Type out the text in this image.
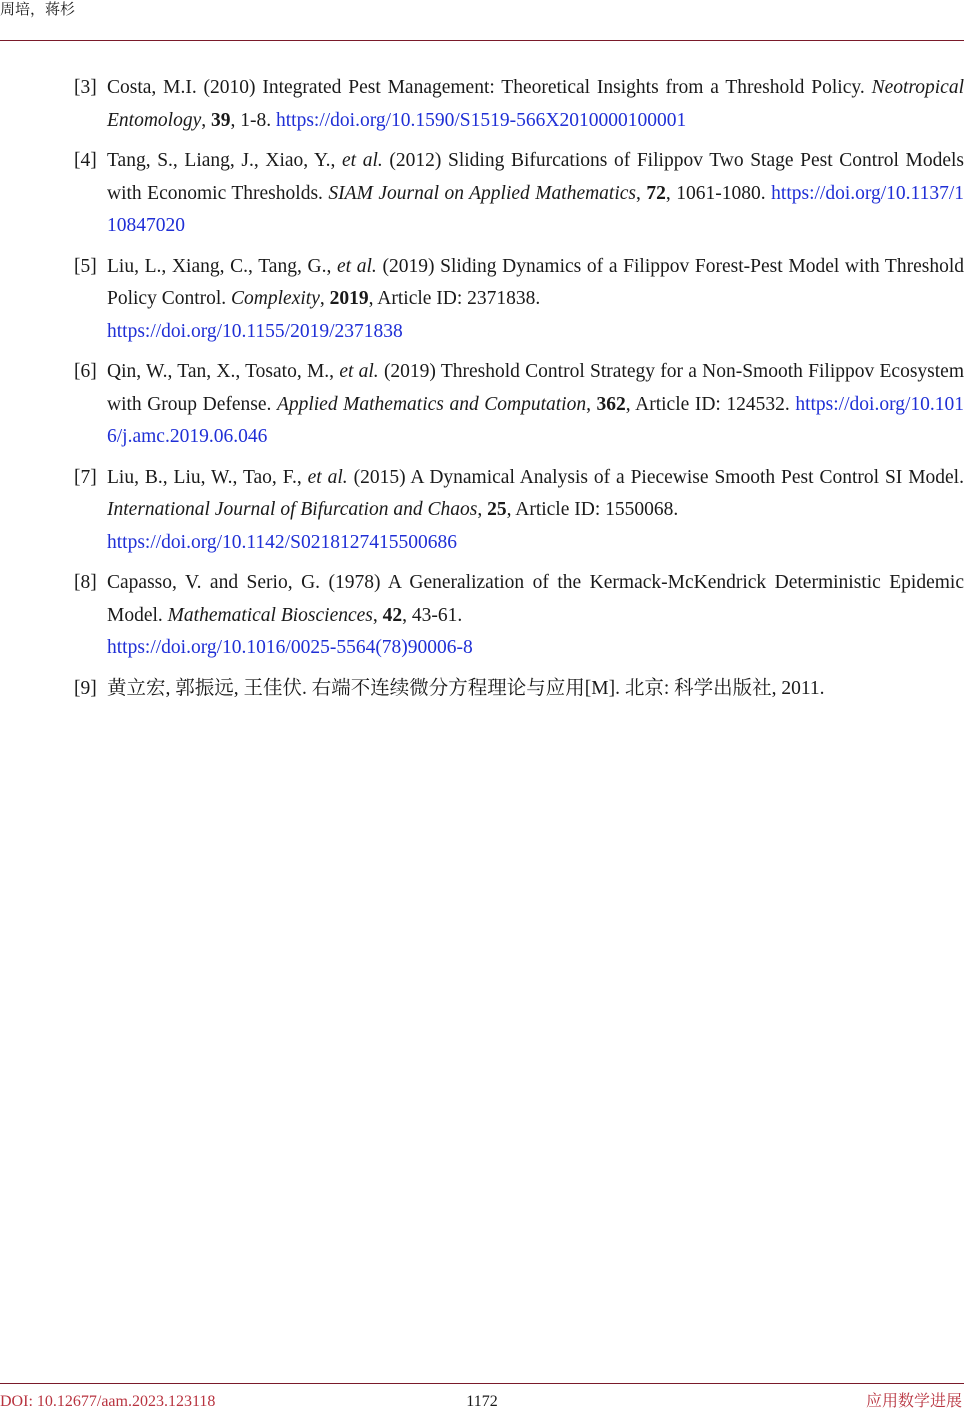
周培，蒋杉
[3] Costa, M.I. (2010) Integrated Pest Management: Theoretical Insights from a Threshold Policy. Neotropical Entomology, 39, 1-8. https://doi.org/10.1590/S1519-566X2010000100001
[4] Tang, S., Liang, J., Xiao, Y., et al. (2012) Sliding Bifurcations of Filippov Two Stage Pest Control Models with Economic Thresholds. SIAM Journal on Applied Mathematics, 72, 1061-1080. https://doi.org/10.1137/110847020
[5] Liu, L., Xiang, C., Tang, G., et al. (2019) Sliding Dynamics of a Filippov Forest-Pest Model with Threshold Policy Control. Complexity, 2019, Article ID: 2371838.
https://doi.org/10.1155/2019/2371838
[6] Qin, W., Tan, X., Tosato, M., et al. (2019) Threshold Control Strategy for a Non-Smooth Filippov Ecosystem with Group Defense. Applied Mathematics and Computation, 362, Article ID: 124532. https://doi.org/10.1016/j.amc.2019.06.046
[7] Liu, B., Liu, W., Tao, F., et al. (2015) A Dynamical Analysis of a Piecewise Smooth Pest Control SI Model. International Journal of Bifurcation and Chaos, 25, Article ID: 1550068.
https://doi.org/10.1142/S0218127415500686
[8] Capasso, V. and Serio, G. (1978) A Generalization of the Kermack-McKendrick Deterministic Epidemic Model. Mathematical Biosciences, 42, 43-61.
https://doi.org/10.1016/0025-5564(78)90006-8
[9] 黄立宏, 郭振远, 王佳伏. 右端不连续微分方程理论与应用[M]. 北京: 科学出版社, 2011.
DOI: 10.12677/aam.2023.123118	1172	应用数学进展
